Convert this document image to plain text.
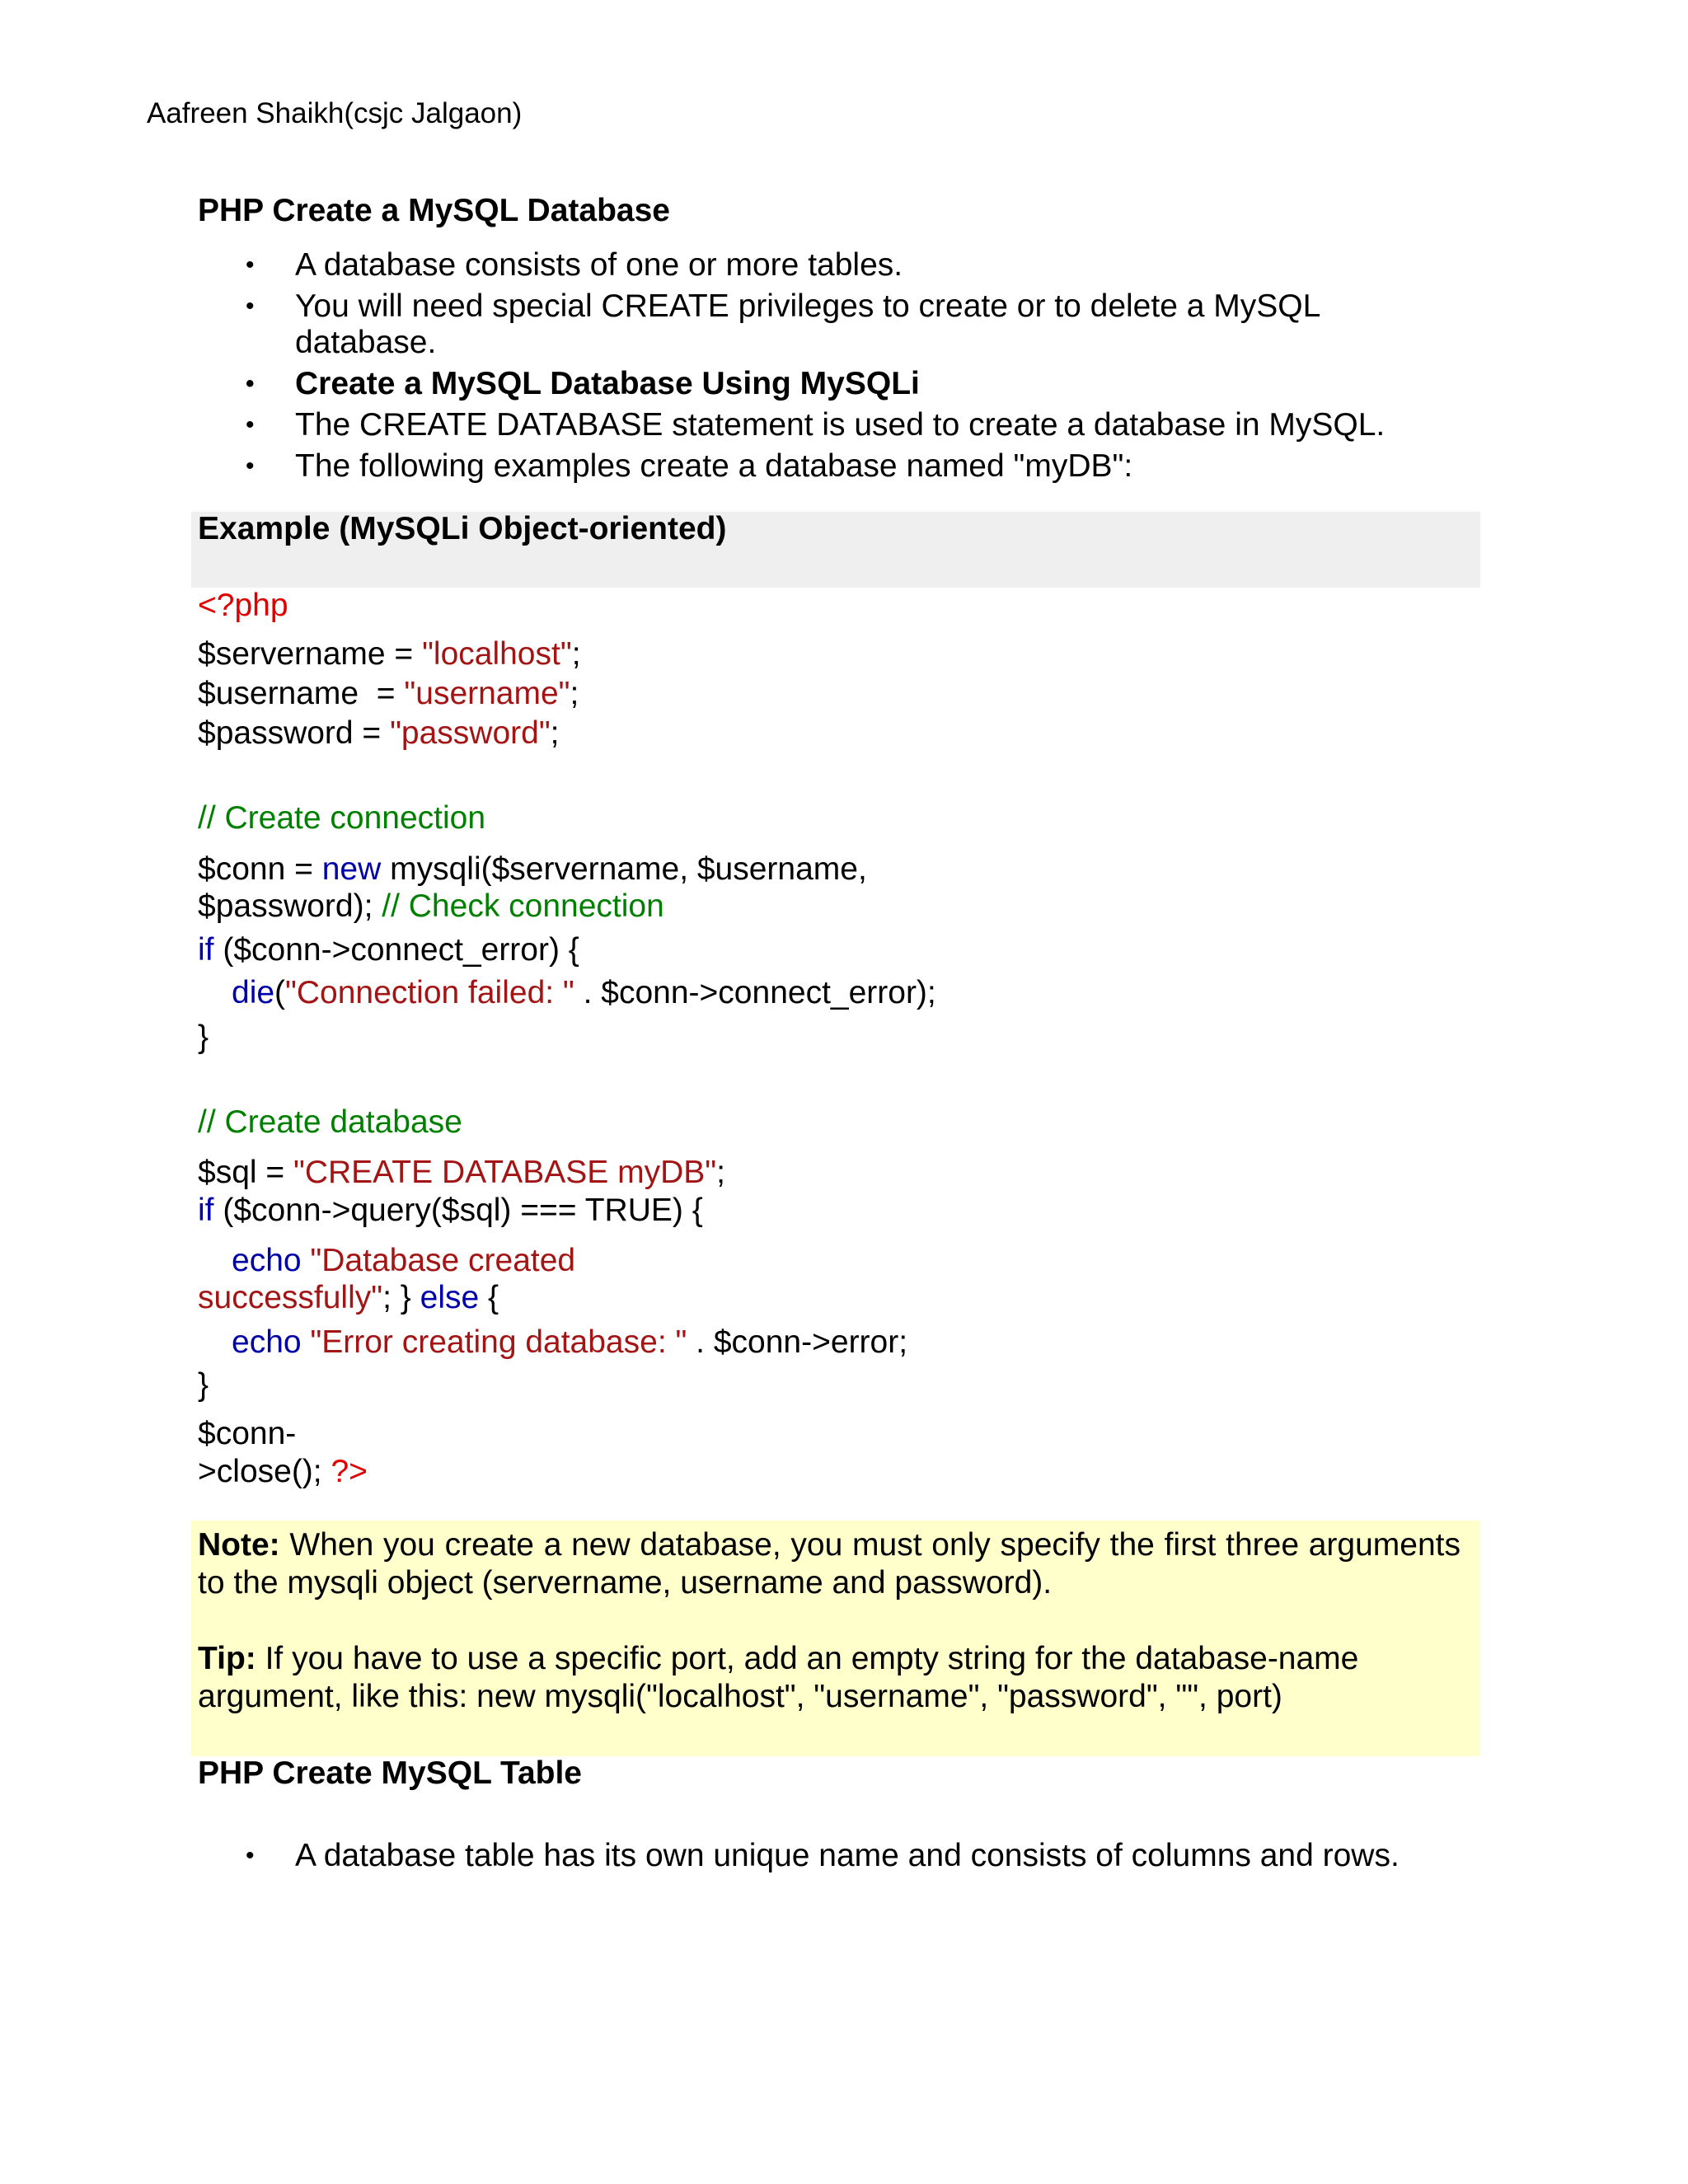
Aafreen Shaikh(csjc Jalgaon)
PHP Create a MySQL Database
• A database consists of one or more tables.
• You will need special CREATE privileges to create or to delete a MySQL
database.
• Create a MySQL Database Using MySQLi
• The CREATE DATABASE statement is used to create a database in MySQL.
• The following examples create a database named "myDB":
Example (MySQLi Object-oriented)
<?php
$servername = "localhost";
$username  = "username";
$password = "password";
// Create connection
$conn = new mysqli($servername, $username,
$password); // Check connection
if ($conn->connect_error) {
die("Connection failed: " . $conn->connect_error);
}
// Create database
$sql = "CREATE DATABASE myDB";
if ($conn->query($sql) === TRUE) {
echo "Database created
successfully"; } else {
echo "Error creating database: " . $conn->error;
}
$conn-
>close(); ?>

Note: When you create a new database, you must only specify the first three arguments to the mysqli object (servername, username and password).

Tip: If you have to use a specific port, add an empty string for the database-name argument, like this: new mysqli("localhost", "username", "password", "", port)

PHP Create MySQL Table
• A database table has its own unique name and consists of columns and rows.
